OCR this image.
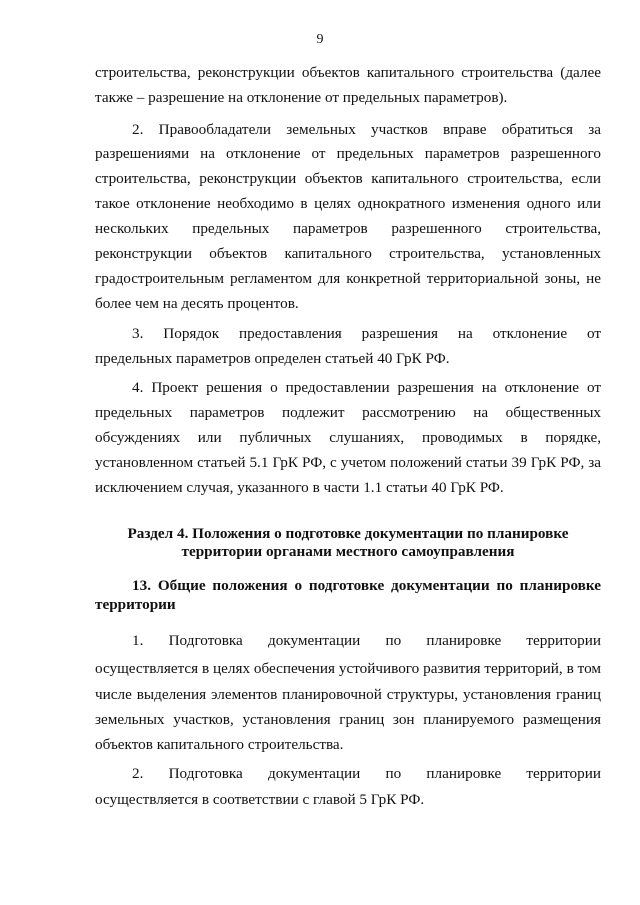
9
строительства, реконструкции объектов капитального строительства (далее
также – разрешение на отклонение от предельных параметров).
2. Правообладатели земельных участков вправе обратиться за
разрешениями на отклонение от предельных параметров разрешенного
строительства, реконструкции объектов капитального строительства, если
такое отклонение необходимо в целях однократного изменения одного или
нескольких предельных параметров разрешенного строительства,
реконструкции объектов капитального строительства, установленных
градостроительным регламентом для конкретной территориальной зоны, не
более чем на десять процентов.
3. Порядок предоставления разрешения на отклонение от
предельных параметров определен статьей 40 ГрК РФ.
4. Проект решения о предоставлении разрешения на отклонение от
предельных параметров подлежит рассмотрению на общественных
обсуждениях или публичных слушаниях, проводимых в порядке,
установленном статьей 5.1 ГрК РФ, с учетом положений статьи 39 ГрК РФ, за
исключением случая, указанного в части 1.1 статьи 40 ГрК РФ.
Раздел 4. Положения о подготовке документации по планировке
территории органами местного самоуправления
13. Общие положения о подготовке документации по планировке
территории
1. Подготовка документации по планировке территории
осуществляется в целях обеспечения устойчивого развития территорий, в том
числе выделения элементов планировочной структуры, установления границ
земельных участков, установления границ зон планируемого размещения
объектов капитального строительства.
2. Подготовка документации по планировке территории
осуществляется в соответствии с главой 5 ГрК РФ.
